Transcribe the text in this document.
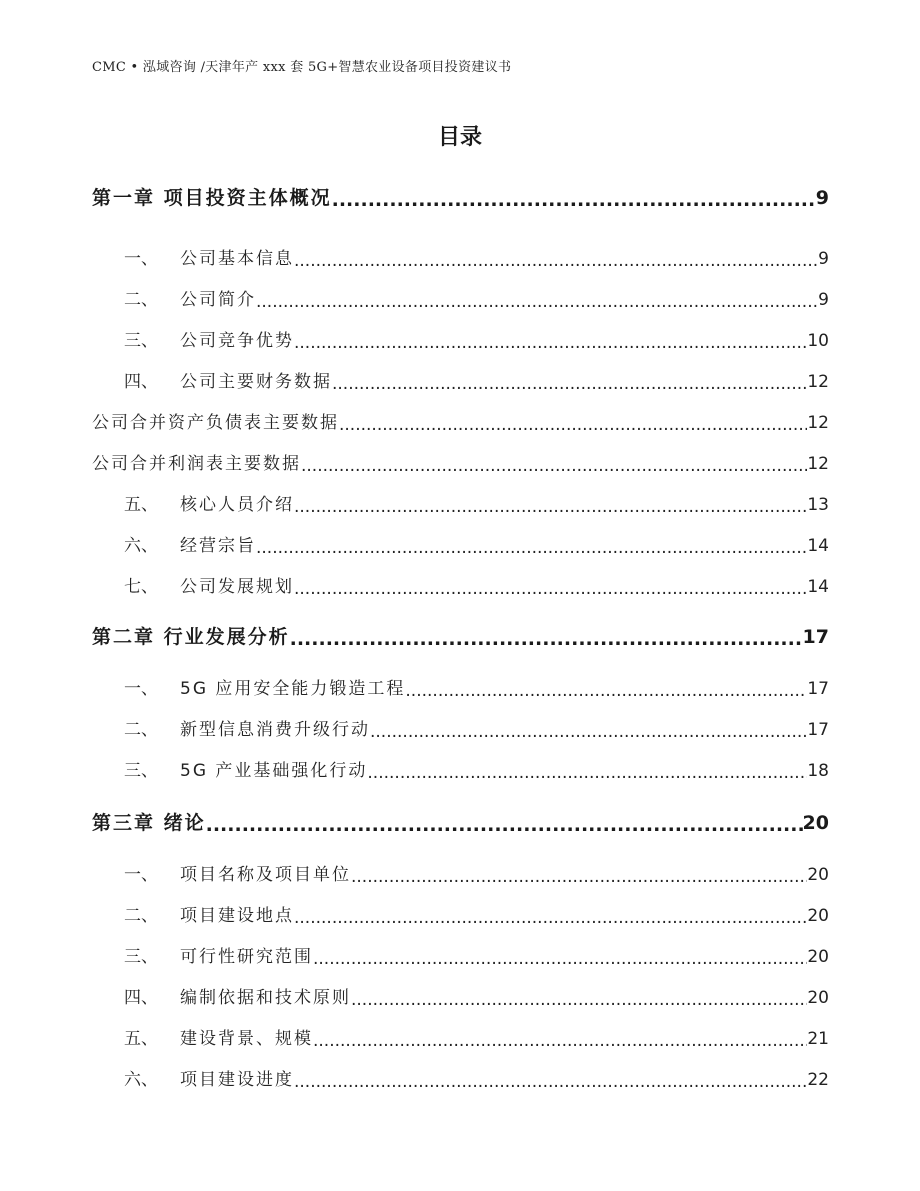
CMC • 泓域咨询 /天津年产 xxx 套 5G+智慧农业设备项目投资建议书
目录
第一章 项目投资主体概况 .....	9
一、 公司基本信息 .....	9
二、 公司简介 .....	9
三、 公司竞争优势 .....	10
四、 公司主要财务数据 .....	12
公司合并资产负债表主要数据 .....	12
公司合并利润表主要数据 .....	12
五、 核心人员介绍 .....	13
六、 经营宗旨 .....	14
七、 公司发展规划 .....	14
第二章 行业发展分析 .....	17
一、 5G 应用安全能力锻造工程 .....	17
二、 新型信息消费升级行动 .....	17
三、 5G 产业基础强化行动 .....	18
第三章 绪论 .....	20
一、 项目名称及项目单位 .....	20
二、 项目建设地点 .....	20
三、 可行性研究范围 .....	20
四、 编制依据和技术原则 .....	20
五、 建设背景、规模 .....	21
六、 项目建设进度 .....	22
